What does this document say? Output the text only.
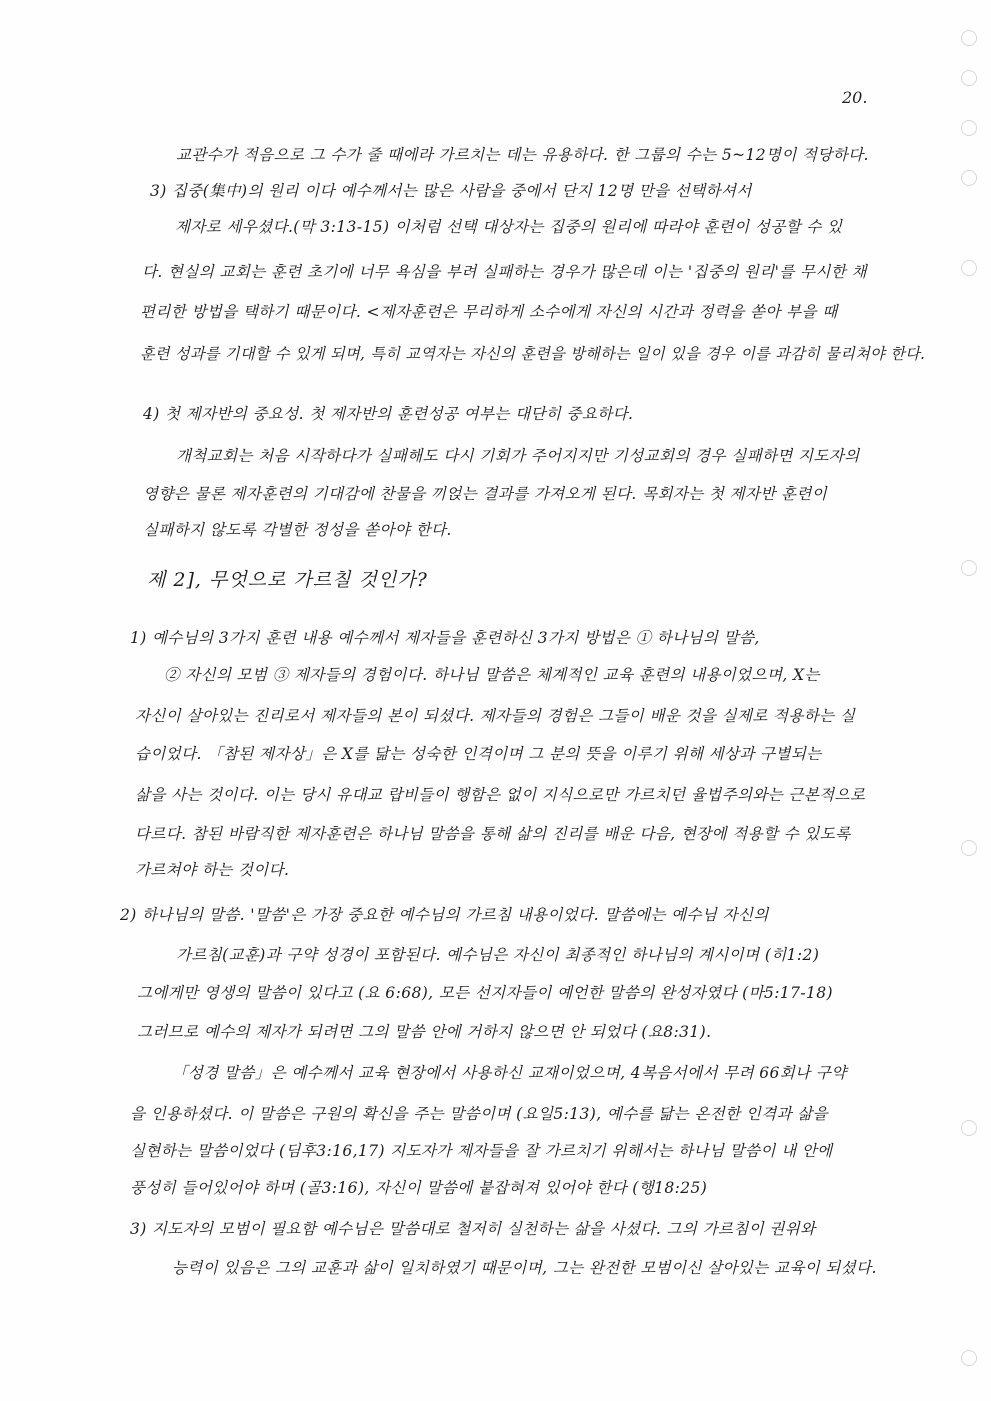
20.
교관수가 적음으로 그 수가 줄 때에라 가르치는 데는 유용하다. 한 그룹의 수는 5~12명이 적당하다.
3) 집중(集中)의 원리 이다 예수께서는 많은 사람을 중에서 단지 12명 만을 선택하셔서
제자로 세우셨다.(막 3:13-15) 이처럼 선택 대상자는 집중의 원리에 따라야 훈련이 성공할 수 있
다. 현실의 교회는 훈련 초기에 너무 욕심을 부려 실패하는 경우가 많은데 이는 '집중의 원리'를 무시한 채
편리한 방법을 택하기 때문이다. <제자훈련은 무리하게 소수에게 자신의 시간과 정력을 쏟아 부을 때
훈련 성과를 기대할 수 있게 되며, 특히 교역자는 자신의 훈련을 방해하는 일이 있을 경우 이를 과감히 물리쳐야 한다.
4) 첫 제자반의 중요성. 첫 제자반의 훈련성공 여부는 대단히 중요하다.
개척교회는 처음 시작하다가 실패해도 다시 기회가 주어지지만 기성교회의 경우 실패하면 지도자의
영향은 물론 제자훈련의 기대감에 찬물을 끼얹는 결과를 가져오게 된다. 목회자는 첫 제자반 훈련이
실패하지 않도록 각별한 정성을 쏟아야 한다.
제 2], 무엇으로 가르칠 것인가?
1) 예수님의 3가지 훈련 내용 예수께서 제자들을 훈련하신 3가지 방법은 ① 하나님의 말씀,
② 자신의 모범 ③ 제자들의 경험이다. 하나님 말씀은 체계적인 교육 훈련의 내용이었으며, X는
자신이 살아있는 진리로서 제자들의 본이 되셨다. 제자들의 경험은 그들이 배운 것을 실제로 적용하는 실
습이었다. 「참된 제자상」은 X를 닮는 성숙한 인격이며 그 분의 뜻을 이루기 위해 세상과 구별되는
삶을 사는 것이다. 이는 당시 유대교 랍비들이 행함은 없이 지식으로만 가르치던 율법주의와는 근본적으로
다르다. 참된 바람직한 제자훈련은 하나님 말씀을 통해 삶의 진리를 배운 다음, 현장에 적용할 수 있도록
가르쳐야 하는 것이다.
2) 하나님의 말씀. '말씀'은 가장 중요한 예수님의 가르침 내용이었다. 말씀에는 예수님 자신의
가르침(교훈)과 구약 성경이 포함된다. 예수님은 자신이 최종적인 하나님의 계시이며 (히1:2)
그에게만 영생의 말씀이 있다고 (요 6:68), 모든 선지자들이 예언한 말씀의 완성자였다 (마5:17-18)
그러므로 예수의 제자가 되려면 그의 말씀 안에 거하지 않으면 안 되었다 (요8:31).
「성경 말씀」은 예수께서 교육 현장에서 사용하신 교재이었으며, 4복음서에서 무려 66회나 구약
을 인용하셨다. 이 말씀은 구원의 확신을 주는 말씀이며 (요일5:13), 예수를 닮는 온전한 인격과 삶을
실현하는 말씀이었다 (딤후3:16,17) 지도자가 제자들을 잘 가르치기 위해서는 하나님 말씀이 내 안에
풍성히 들어있어야 하며 (골3:16), 자신이 말씀에 붙잡혀져 있어야 한다 (행18:25)
3) 지도자의 모범이 필요함 예수님은 말씀대로 철저히 실천하는 삶을 사셨다. 그의 가르침이 권위와
능력이 있음은 그의 교훈과 삶이 일치하였기 때문이며, 그는 완전한 모범이신 살아있는 교육이 되셨다.
